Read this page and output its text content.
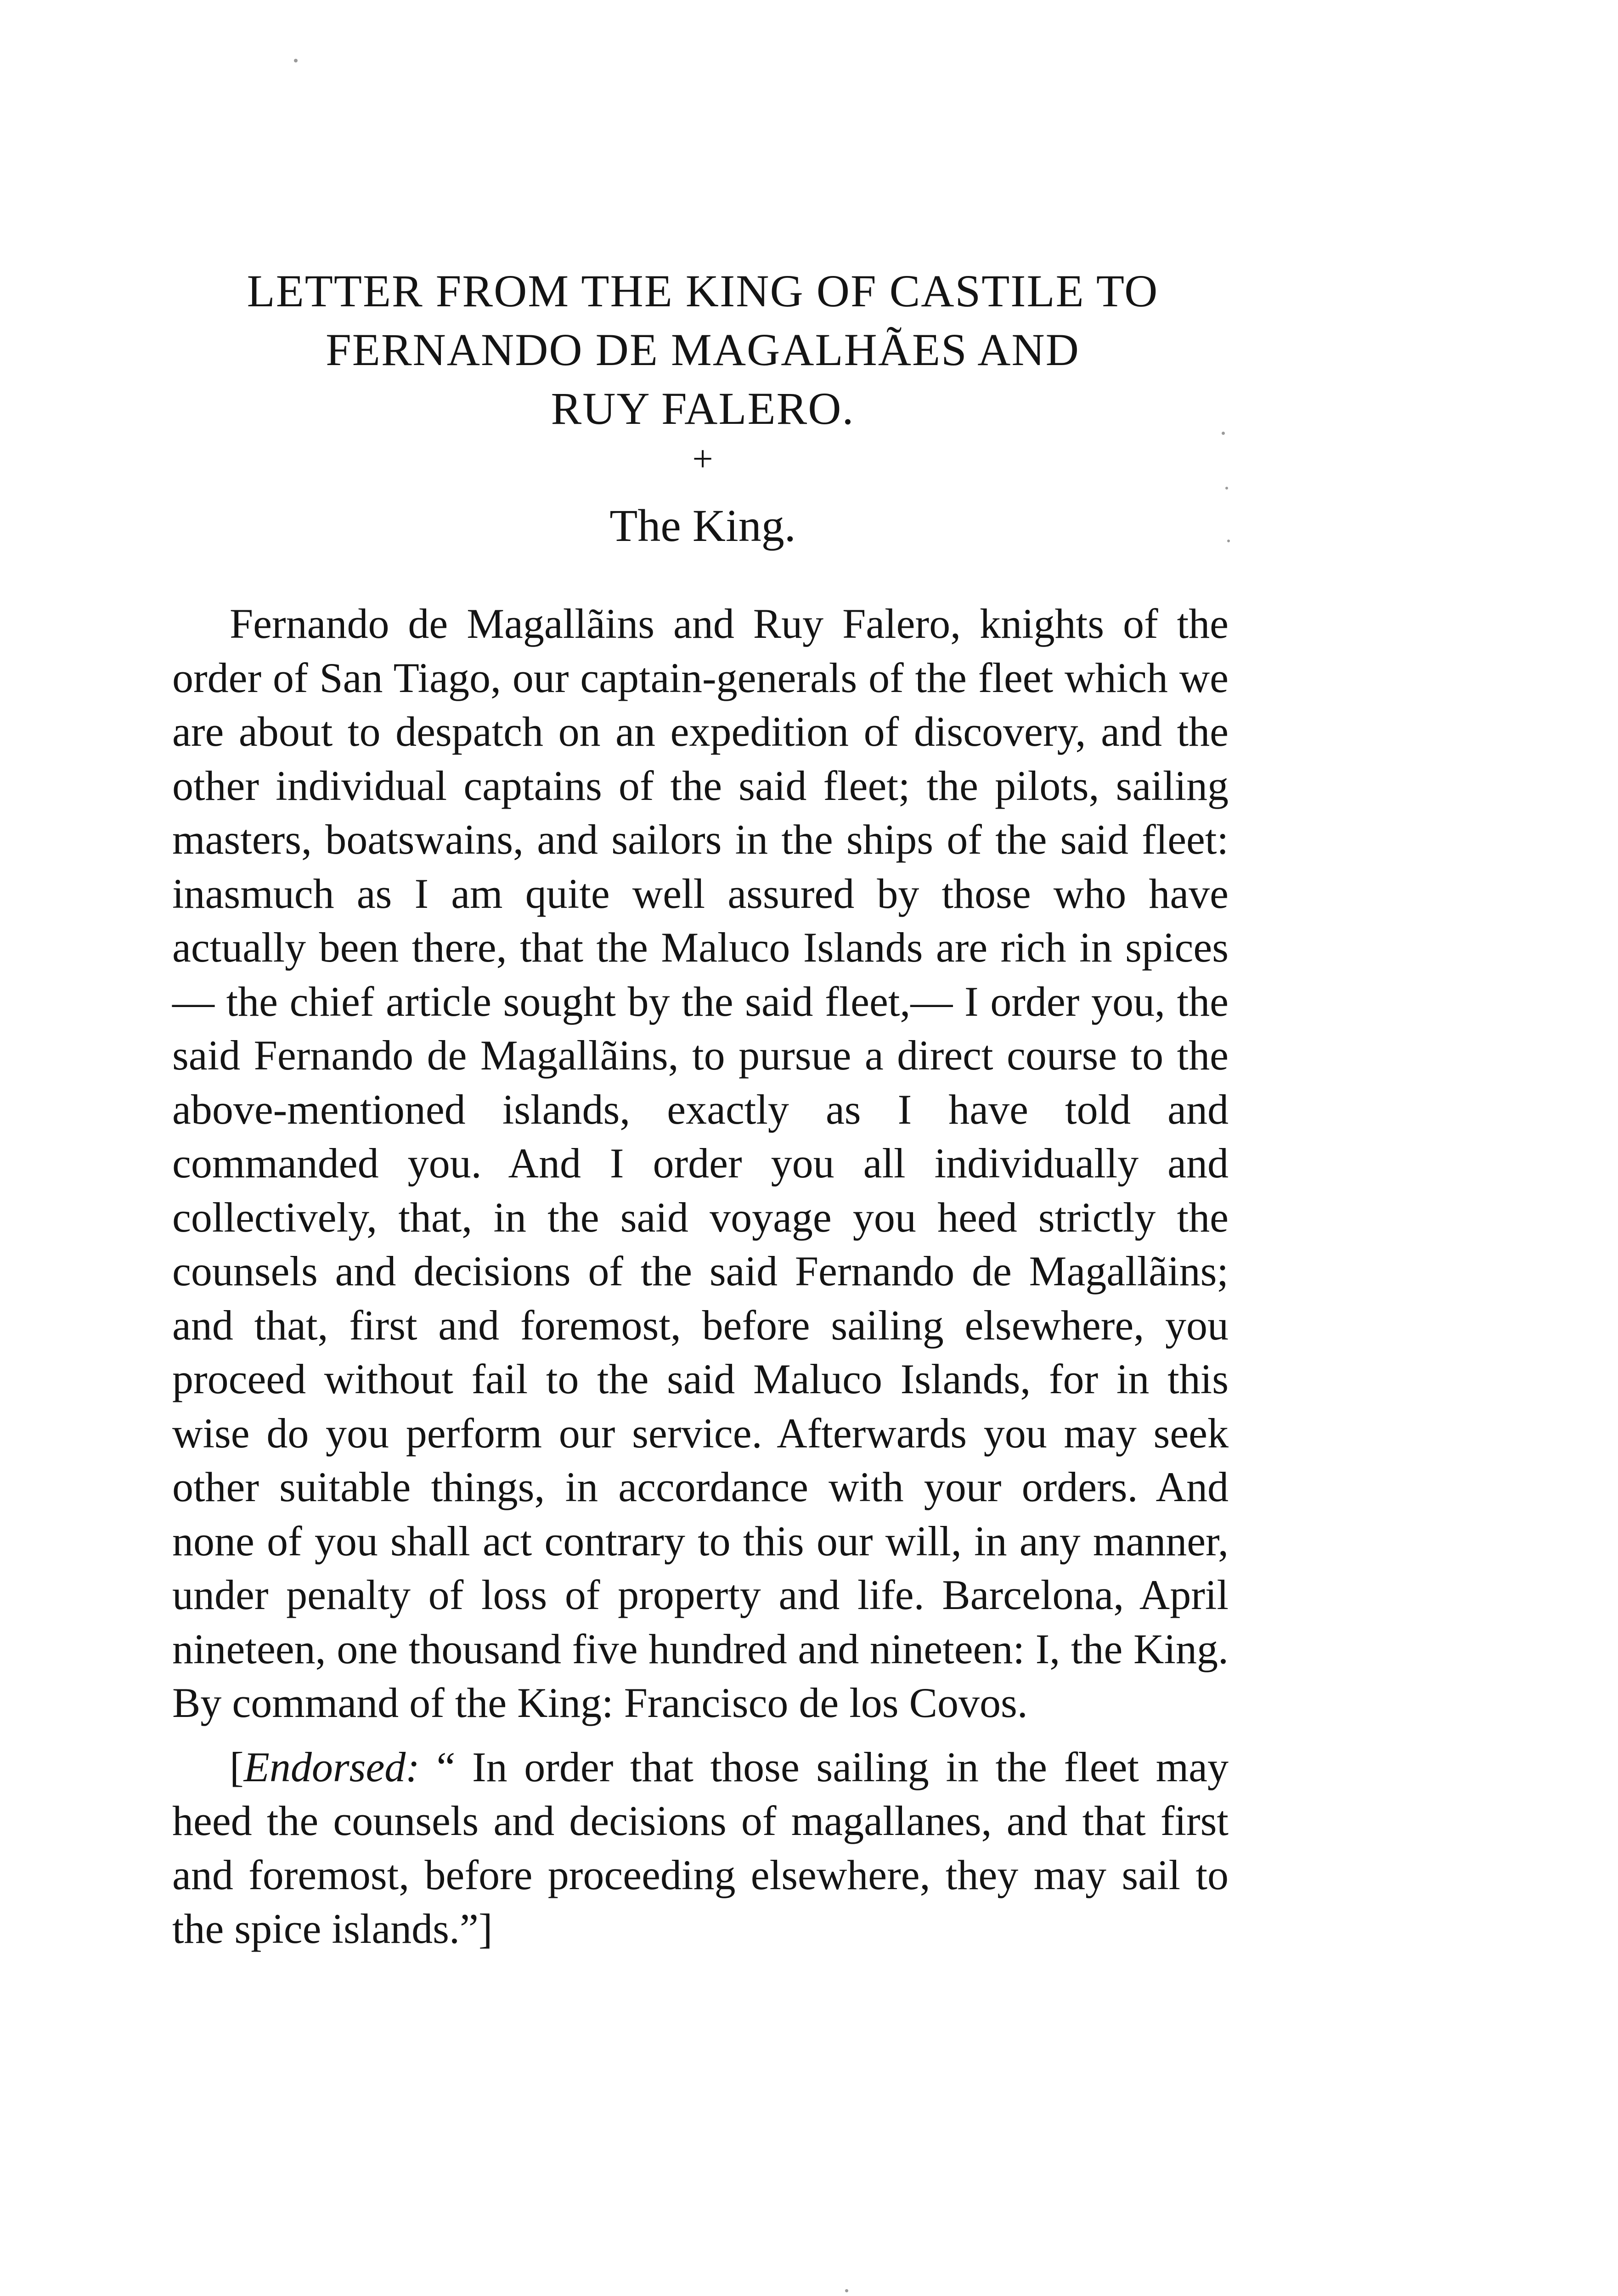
LETTER FROM THE KING OF CASTILE TO
FERNANDO DE MAGALHÃES AND
RUY FALERO.
+
The King.

Fernando de Magallãins and Ruy Falero, knights of the order of San Tiago, our captain-generals of the fleet which we are about to despatch on an expedition of discovery, and the other individual captains of the said fleet; the pilots, sailing masters, boatswains, and sailors in the ships of the said fleet: inasmuch as I am quite well assured by those who have actually been there, that the Maluco Islands are rich in spices — the chief article sought by the said fleet,— I order you, the said Fernando de Magallãins, to pursue a direct course to the above-mentioned islands, exactly as I have told and commanded you. And I order you all individually and collectively, that, in the said voyage you heed strictly the counsels and decisions of the said Fernando de Magallãins; and that, first and foremost, before sailing elsewhere, you proceed without fail to the said Maluco Islands, for in this wise do you perform our service. Afterwards you may seek other suitable things, in accordance with your orders. And none of you shall act contrary to this our will, in any manner, under penalty of loss of property and life. Barcelona, April nineteen, one thousand five hundred and nineteen: I, the King. By command of the King: Francisco de los Covos.

[Endorsed: “ In order that those sailing in the fleet may heed the counsels and decisions of magallanes, and that first and foremost, before proceeding elsewhere, they may sail to the spice islands.”]
